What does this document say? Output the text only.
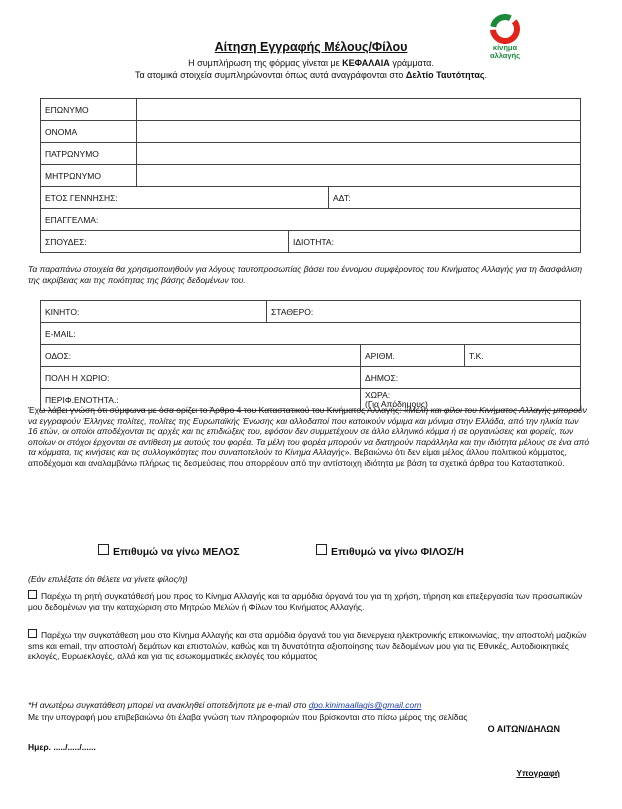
κίνημα
αλλαγής
Αίτηση Εγγραφής Μέλους/Φίλου
Η συμπλήρωση της φόρμας γίνεται με ΚΕΦΑΛΑΙΑ γράμματα.
Τα ατομικά στοιχεία συμπληρώνονται όπως αυτά αναγράφονται στο Δελτίο Ταυτότητας.
ΕΠΩΝΥΜΟ			
ΟΝΟΜΑ			
ΠΑΤΡΩΝΥΜΟ			
ΜΗΤΡΩΝΥΜΟ			
ΕΤΟΣ ΓΕΝΝΗΣΗΣ:			ΑΔΤ:
ΕΠΑΓΓΕΛΜΑ:			
ΣΠΟΥΔΕΣ:		ΙΔΙΟΤΗΤΑ:	
Τα παραπάνω στοιχεία θα χρησιμοποιηθούν για λόγους ταυτοπροσωπίας βάσει του έννομου συμφέροντος του Κινήματος Αλλαγής για τη διασφάλιση της ακρίβειας και της ποιότητας της βάσης δεδομένων του.
ΚΙΝΗΤΟ:	ΣΤΑΘΕΡΟ:		
E-MAIL:			
ΟΔΟΣ:		ΑΡΙΘΜ.	Τ.Κ.
ΠΟΛΗ Η ΧΩΡΙΟ:		ΔΗΜΟΣ:	
ΠΕΡΙΦ.ΕΝΟΤΗΤΑ.:		ΧΩΡΑ:
(Για Απόδημους)	
Έχω λάβει γνώση ότι σύμφωνα με όσα ορίζει το Άρθρο 4 του Καταστατικού του Κινήματος Αλλαγής: «Μέλη και φίλοι του Κινήματος Αλλαγής μπορούν να εγγραφούν Έλληνες πολίτες, πολίτες της Ευρωπαϊκής Ένωσης και αλλοδαποί που κατοικούν νόμιμα και μόνιμα στην Ελλάδα, από την ηλικία των 16 ετών, οι οποίοι αποδέχονται τις αρχές και τις επιδιώξεις του, εφόσον δεν συμμετέχουν σε άλλο ελληνικό κόμμα ή σε οργανώσεις και φορείς, των οποίων οι στόχοι έρχονται σε αντίθεση με αυτούς του φορέα. Τα μέλη του φορέα μπορούν να διατηρούν παράλληλα και την ιδιότητα μέλους σε ένα από τα κόμματα, τις κινήσεις και τις συλλογικότητες που συναποτελούν το Κίνημα Αλλαγής». Βεβαιώνω ότι δεν είμαι μέλος άλλου πολιτικού κόμματος, αποδέχομαι και αναλαμβάνω πλήρως τις δεσμεύσεις που απορρέουν από την αντίστοιχη ιδιότητα με βάση τα σχετικά άρθρα του Καταστατικού.
Επιθυμώ να γίνω ΜΕΛΟΣ	Επιθυμώ να γίνω ΦΙΛΟΣ/Η
(Εάν επιλέξατε ότι θέλετε να γίνετε φίλος/η)
Παρέχω τη ρητή συγκατάθεσή μου προς το Κίνημα Αλλαγής και τα αρμόδια όργανά του για τη χρήση, τήρηση και επεξεργασία των προσωπικών μου δεδομένων για την καταχώριση στο Μητρώο Μελών ή Φίλων του Κινήματος Αλλαγής.
Παρέχω την συγκατάθεση μου στο Κίνημα Αλλαγής και στα αρμόδια όργανά του για διενεργεια ηλεκτρονικής επικοινωνίας, την αποστολή μαζικών sms και email, την αποστολή δεμάτων και επιστολών, καθώς και τη δυνατότητα αξιοποίησης των δεδομένων μου για τις Εθνικές, Αυτοδιοικητικές εκλογές, Ευρωεκλογές, αλλά και για τις εσωκομματικές εκλογές του κόμματος
*Η ανωτέρω συγκατάθεση μπορεί να ανακληθεί οποτεδήποτε με e-mail στο dpo.kinimaallagis@gmail.com
Με την υπογραφή μου επιβεβαιώνω ότι έλαβα γνώση των πληροφοριών που βρίσκονται στο πίσω μέρος της σελίδας
Ο ΑΙΤΩΝ/ΔΗΛΩΝ
Ημερ. ...../...../......
Υπογραφή
